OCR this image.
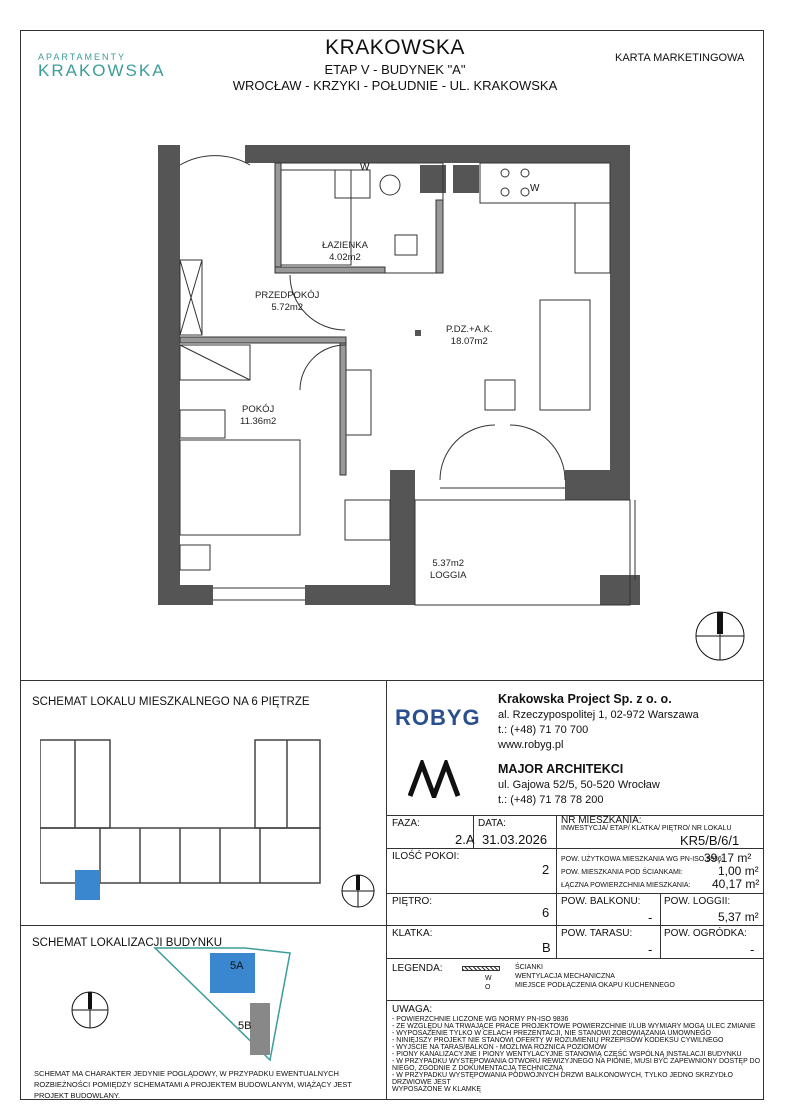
APARTAMENTY
KRAKOWSKA
KRAKOWSKA
ETAP V - BUDYNEK "A"
WROCŁAW - KRZYKI - POŁUDNIE - UL. KRAKOWSKA
KARTA MARKETINGOWA
ŁAZIENKA
4.02m2
PRZEDPOKÓJ
5.72m2
P.DZ.+A.K.
18.07m2
POKÓJ
11.36m2
5.37m2
LOGGIA
W
W
SCHEMAT LOKALU MIESZKALNEGO NA 6 PIĘTRZE
SCHEMAT LOKALIZACJI BUDYNKU
5A
5B
SCHEMAT MA CHARAKTER JEDYNIE POGLĄDOWY, W PRZYPADKU EWENTUALNYCH ROZBIEŻNOŚCI POMIĘDZY SCHEMATAMI A PROJEKTEM BUDOWLANYM, WIĄŻĄCY JEST PROJEKT BUDOWLANY.
ROBYG
Krakowska Project Sp. z o. o.
al. Rzeczypospolitej 1, 02-972 Warszawa
t.: (+48) 71 70 700
www.robyg.pl
MAJOR ARCHITEKCI
ul. Gajowa 52/5, 50-520 Wrocław
t.: (+48) 71 78 78 200
FAZA:
2.A
DATA:
31.03.2026
NR MIESZKANIA:
INWESTYCJA/ ETAP/ KLATKA/ PIĘTRO/ NR LOKALU
KR5/B/6/1
ILOŚĆ POKOI:
2
POW. UŻYTKOWA MIESZKANIA WG PN-ISO 9836:
39,17 m²
POW. MIESZKANIA POD ŚCIANKAMI:	1,00 m²
ŁĄCZNA POWIERZCHNIA MIESZKANIA: 40,17 m²
PIĘTRO:
6
POW. BALKONU:
-
POW. LOGGII:
5,37 m²
KLATKA:
B
POW. TARASU:
-
POW. OGRÓDKA:
-
LEGENDA:
W
O
ŚCIANKI
WENTYLACJA MECHANICZNA
MIEJSCE PODŁĄCZENIA OKAPU KUCHENNEGO
UWAGA:
- POWIERZCHNIE LICZONE WG NORMY PN-ISO 9836
- ZE WZGLĘDU NA TRWAJĄCE PRACE PROJEKTOWE POWIERZCHNIE I/LUB WYMIARY MOGĄ ULEC ZMIANIE
- WYPOSAŻENIE TYLKO W CELACH PREZENTACJI, NIE STANOWI ZOBOWIĄZANIA UMOWNEGO
- NINIEJSZY PROJEKT NIE STANOWI OFERTY W ROZUMIENIU PRZEPISÓW KODEKSU CYWILNEGO
- WYJŚCIE NA TARAS/BALKON - MOŻLIWA RÓŻNICA POZIOMÓW
- PIONY KANALIZACYJNE I PIONY WENTYLACYJNE STANOWIĄ CZĘŚĆ WSPÓLNĄ INSTALACJI BUDYNKU
- W PRZYPADKU WYSTĘPOWANIA OTWORU REWIZYJNEGO NA PIONIE, MUSI BYĆ ZAPEWNIONY DOSTĘP DO
NIEGO, ZGODNIE Z DOKUMENTACJĄ TECHNICZNĄ
- W PRZYPADKU WYSTĘPOWANIA PODWÓJNYCH DRZWI BALKONOWYCH, TYLKO JEDNO SKRZYDŁO DRZWIOWE JEST
WYPOSAŻONE W KLAMKĘ
